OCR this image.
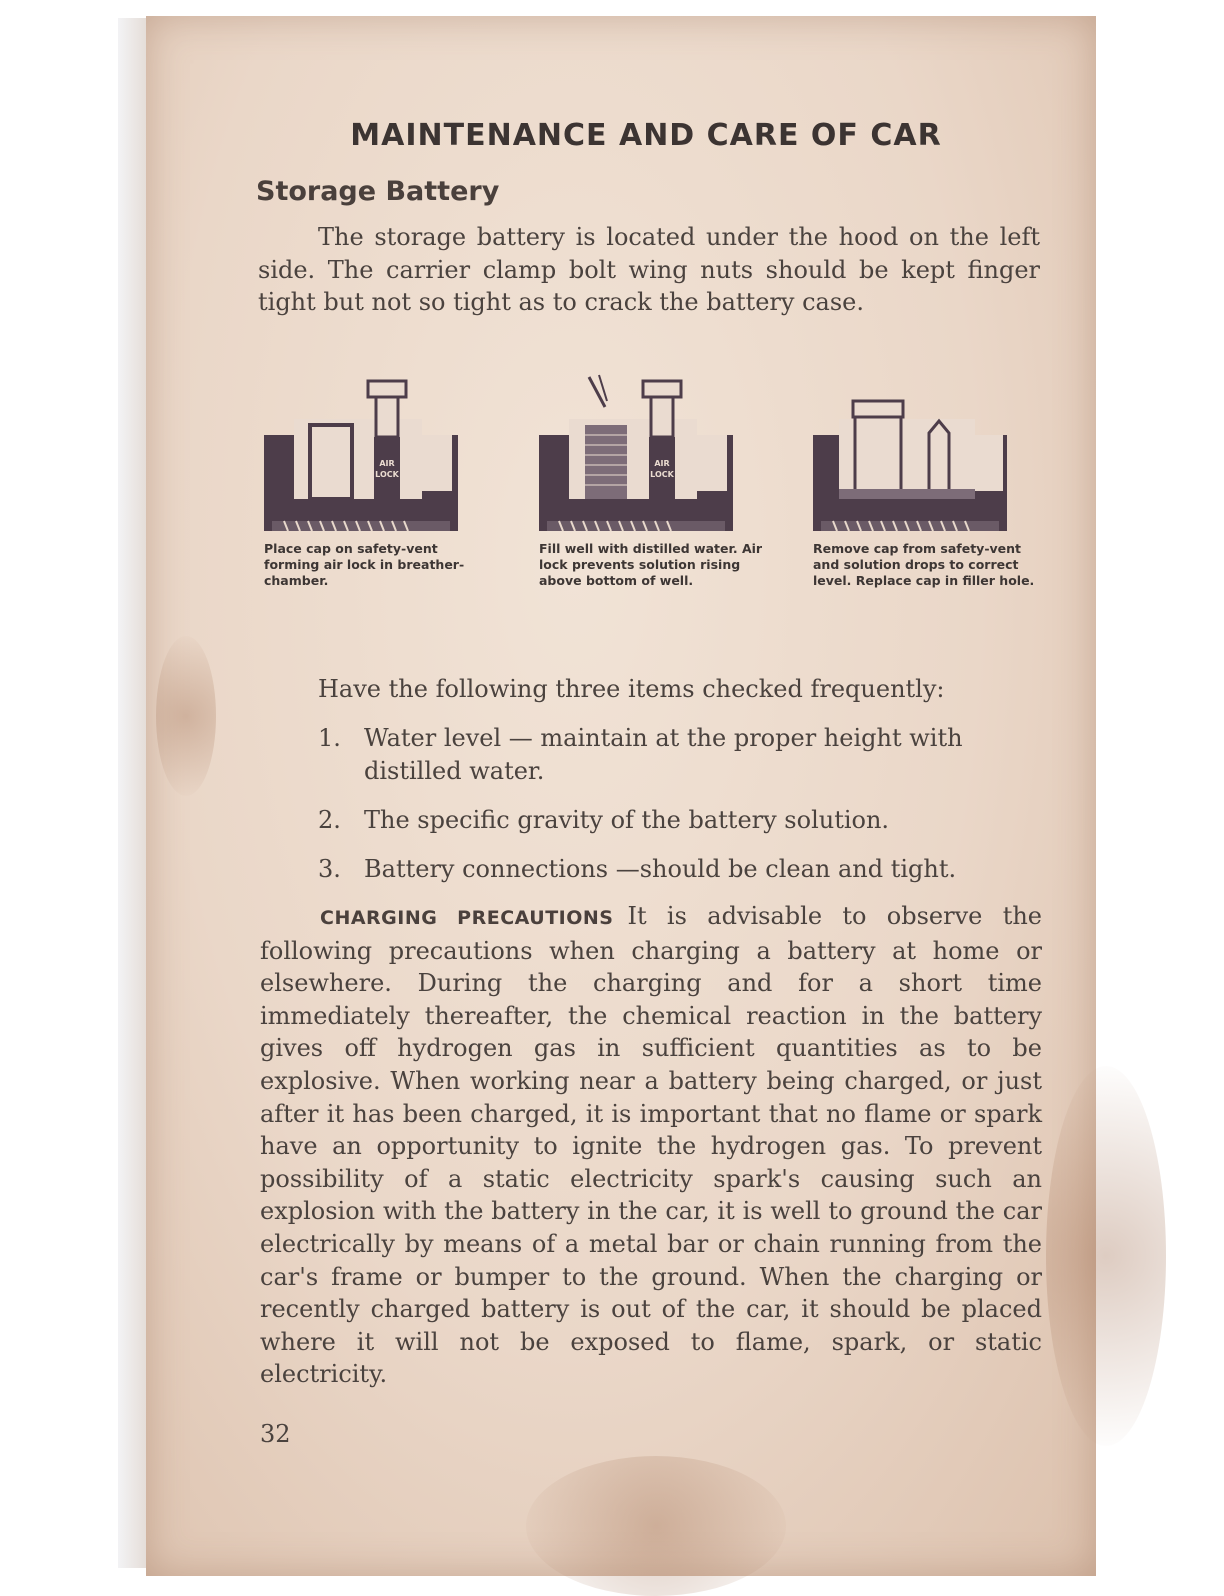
MAINTENANCE AND CARE OF CAR
Storage Battery
The storage battery is located under the hood on the left side. The carrier clamp bolt wing nuts should be kept finger tight but not so tight as to crack the battery case.
AIR
LOCK
Place cap on safety-vent forming air lock in breather-chamber.
AIR
LOCK
Fill well with distilled water. Air lock prevents solution rising above bottom of well.
Remove cap from safety-vent and solution drops to correct level. Replace cap in filler hole.
Have the following three items checked frequently:
1. Water level — maintain at the proper height with distilled water.
2. The specific gravity of the battery solution.
3. Battery connections —should be clean and tight.
CHARGING PRECAUTIONS It is advisable to observe the following precautions when charging a battery at home or elsewhere. During the charging and for a short time immediately thereafter, the chemical reaction in the battery gives off hydrogen gas in sufficient quantities as to be explosive. When working near a battery being charged, or just after it has been charged, it is important that no flame or spark have an opportunity to ignite the hydrogen gas. To prevent possibility of a static electricity spark's causing such an explosion with the battery in the car, it is well to ground the car electrically by means of a metal bar or chain running from the car's frame or bumper to the ground. When the charging or recently charged battery is out of the car, it should be placed where it will not be exposed to flame, spark, or static electricity.
32
